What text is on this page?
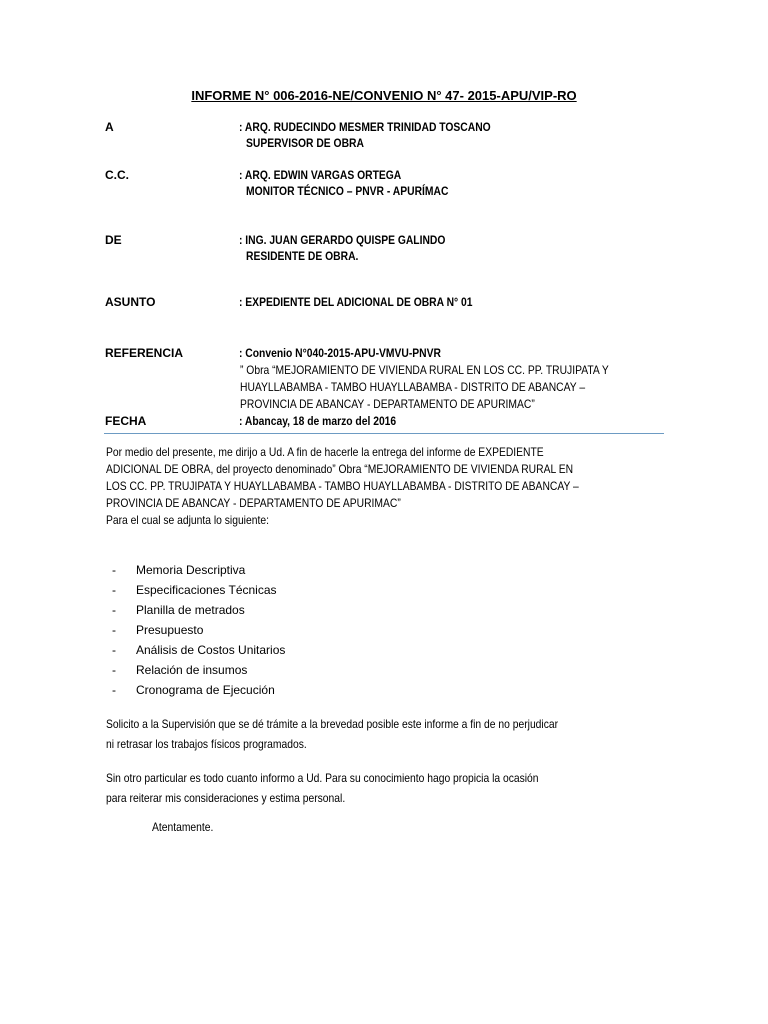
INFORME N° 006-2016-NE/CONVENIO N° 47- 2015-APU/VIP-RO
A	: ARQ. RUDECINDO MESMER TRINIDAD TOSCANO
SUPERVISOR DE OBRA
C.C.	: ARQ. EDWIN VARGAS ORTEGA
MONITOR TÉCNICO – PNVR - APURÍMAC
DE	: ING. JUAN GERARDO QUISPE GALINDO
RESIDENTE DE OBRA.
ASUNTO	: EXPEDIENTE DEL ADICIONAL DE OBRA N° 01
REFERENCIA	: Convenio N°040-2015-APU-VMVU-PNVR
” Obra “MEJORAMIENTO DE VIVIENDA RURAL EN LOS CC. PP. TRUJIPATA Y
HUAYLLABAMBA - TAMBO HUAYLLABAMBA - DISTRITO DE ABANCAY –
PROVINCIA DE ABANCAY - DEPARTAMENTO DE APURIMAC”
FECHA	: Abancay, 18 de marzo del 2016
Por medio del presente, me dirijo a Ud. A fin de hacerle la entrega del informe de EXPEDIENTE
ADICIONAL DE OBRA, del proyecto denominado” Obra “MEJORAMIENTO DE VIVIENDA RURAL EN
LOS CC. PP. TRUJIPATA Y HUAYLLABAMBA - TAMBO HUAYLLABAMBA - DISTRITO DE ABANCAY –
PROVINCIA DE ABANCAY - DEPARTAMENTO DE APURIMAC”
Para el cual se adjunta lo siguiente:
- Memoria Descriptiva
- Especificaciones Técnicas
- Planilla de metrados
- Presupuesto
- Análisis de Costos Unitarios
- Relación de insumos
- Cronograma de Ejecución
Solicito a la Supervisión que se dé trámite a la brevedad posible este informe a fin de no perjudicar
ni retrasar los trabajos físicos programados.
Sin otro particular es todo cuanto informo a Ud. Para su conocimiento hago propicia la ocasión
para reiterar mis consideraciones y estima personal.
Atentamente.
